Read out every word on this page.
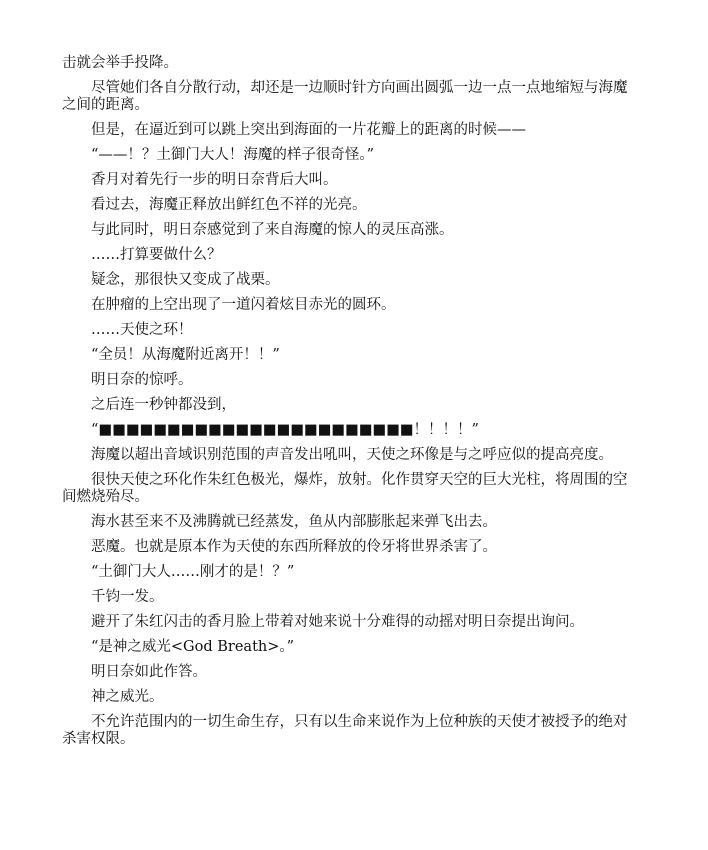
击就会举手投降。

尽管她们各自分散行动，却还是一边顺时针方向画出圆弧一边一点一点地缩短与海魔之间的距离。

但是，在逼近到可以跳上突出到海面的一片花瓣上的距离的时候——

“——！？土御门大人！海魔的样子很奇怪。”

香月对着先行一步的明日奈背后大叫。

看过去，海魔正释放出鲜红色不祥的光亮。

与此同时，明日奈感觉到了来自海魔的惊人的灵压高涨。

……打算要做什么？

疑念，那很快又变成了战栗。

在肿瘤的上空出现了一道闪着炫目赤光的圆环。

……天使之环！

“全员！从海魔附近离开！！”

明日奈的惊呼。

之后连一秒钟都没到，

“■■■■■■■■■■■■■■■■■■■■■■■！！！！”

海魔以超出音域识别范围的声音发出吼叫，天使之环像是与之呼应似的提高亮度。

很快天使之环化作朱红色极光，爆炸，放射。化作贯穿天空的巨大光柱，将周围的空间燃烧殆尽。

海水甚至来不及沸腾就已经蒸发，鱼从内部膨胀起来弹飞出去。

恶魔。也就是原本作为天使的东西所释放的伶牙将世界杀害了。

“土御门大人……刚才的是！？”

千钧一发。

避开了朱红闪击的香月脸上带着对她来说十分难得的动摇对明日奈提出询问。

“是神之威光<God Breath>。”

明日奈如此作答。

神之威光。

不允许范围内的一切生命生存，只有以生命来说作为上位种族的天使才被授予的绝对杀害权限。
